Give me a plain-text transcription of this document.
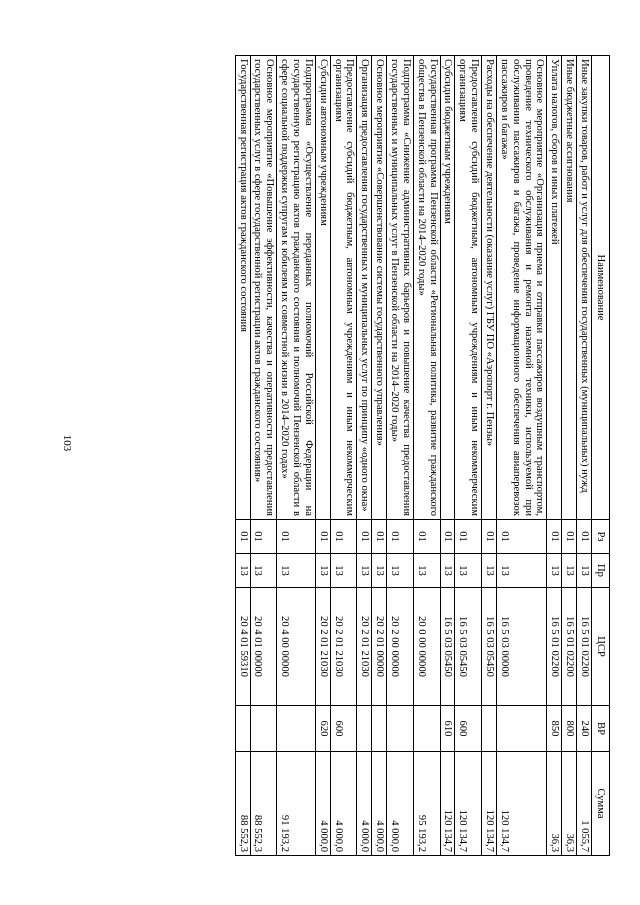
103
Наименование	Рз	Пр	ЦСР	ВР	Сумма
Иные закупки товаров, работ и услуг для обеспечения государственных (муниципальных) нужд	01	13	16 5 01 02200	240	1 055,7
Иные бюджетные ассигнования	01	13	16 5 01 02200	800	36,3
Уплата налогов, сборов и иных платежей	01	13	16 5 01 02200	850	36,3
Основное мероприятие «Организация приема и отправки пассажиров воздушным транспортом, проведение технического обслуживания и ремонта наземной техники, используемой при обслуживании пассажиров и багажа, проведение информационного обеспечения авиаперевозок пассажиров и багажа»	01	13	16 5 03 00000		120 134,7
Расходы на обеспечение деятельности (оказание услуг) ГБУ ПО «Аэропорт г. Пензы»	01	13	16 5 03 05450		120 134,7
Предоставление субсидий бюджетным, автономным учреждениям и иным некоммерческим организациям	01	13	16 5 03 05450	600	120 134,7
Субсидии бюджетным учреждениям	01	13	16 5 03 05450	610	120 134,7
Государственная программа Пензенской области «Региональная политика, развитие гражданского общества в Пензенской области на 2014–2020 годы»	01	13	20 0 00 00000		95 193,2
Подпрограмма «Снижение административных барьеров и повышение качества предоставления государственных и муниципальных услуг в Пензенской области на 2014–2020 годы»	01	13	20 2 00 00000		4 000,0
Основное мероприятие «Совершенствование системы государственного управления»	01	13	20 2 01 00000		4 000,0
Организация предоставления государственных и муниципальных услуг по принципу «одного окна»	01	13	20 2 01 21030		4 000,0
Предоставление субсидий бюджетным, автономным учреждениям и иным некоммерческим организациям	01	13	20 2 01 21030	600	4 000,0
Субсидии автономным учреждениям	01	13	20 2 01 21030	620	4 000,0
Подпрограмма «Осуществление переданных полномочий Российской Федерации на государственную регистрацию актов гражданского состояния и полномочий Пензенской области в сфере социальной поддержки супругам к юбилеям их совместной жизни в 2014–2020 годах»	01	13	20 4 00 00000		91 193,2
Основное мероприятие «Повышение эффективности, качества и оперативности предоставления государственных услуг в сфере государственной регистрации актов гражданского состояния»	01	13	20 4 01 00000		88 552,3
Государственная регистрация актов гражданского состояния	01	13	20 4 01 59310		88 552,3
